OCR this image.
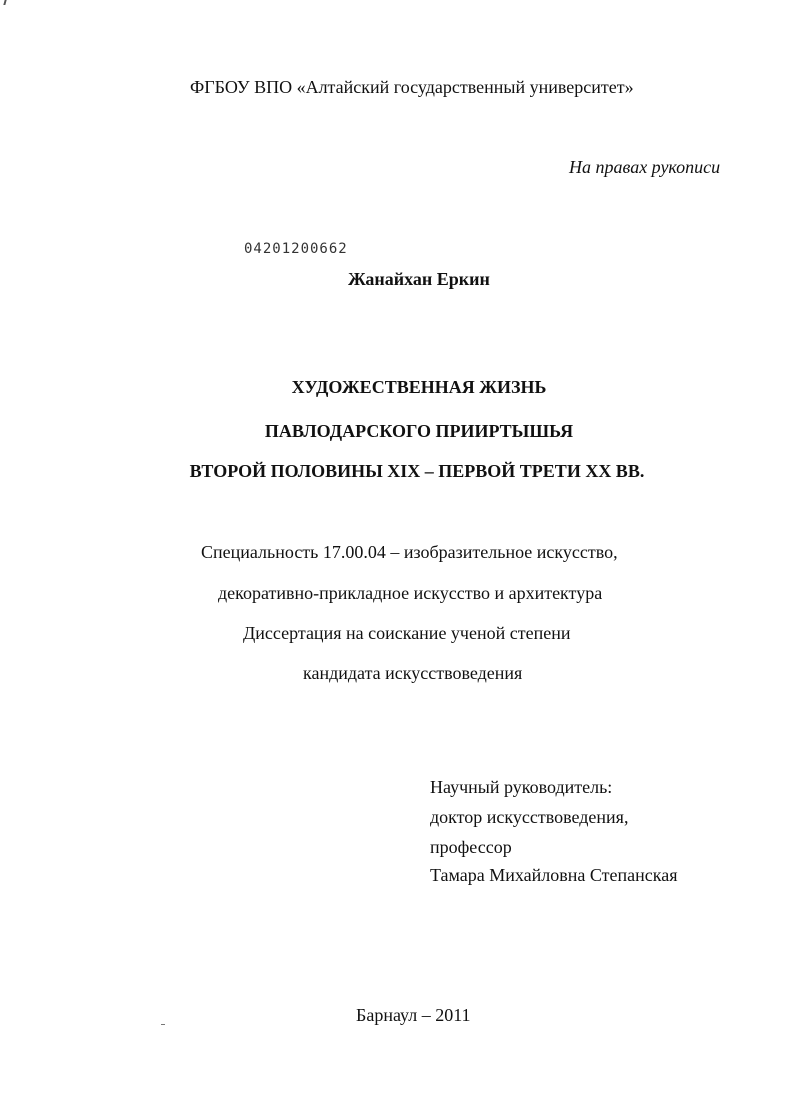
ФГБОУ ВПО «Алтайский государственный университет»
На правах рукописи
04201200662
Жанайхан Еркин
ХУДОЖЕСТВЕННАЯ ЖИЗНЬ
ПАВЛОДАРСКОГО ПРИИРТЫШЬЯ
ВТОРОЙ ПОЛОВИНЫ XIX – ПЕРВОЙ ТРЕТИ XX ВВ.
Специальность 17.00.04 – изобразительное искусство,
декоративно-прикладное искусство и архитектура
Диссертация на соискание ученой степени
кандидата искусствоведения
Научный руководитель:
доктор искусствоведения,
профессор
Тамара Михайловна Степанская
Барнаул – 2011
